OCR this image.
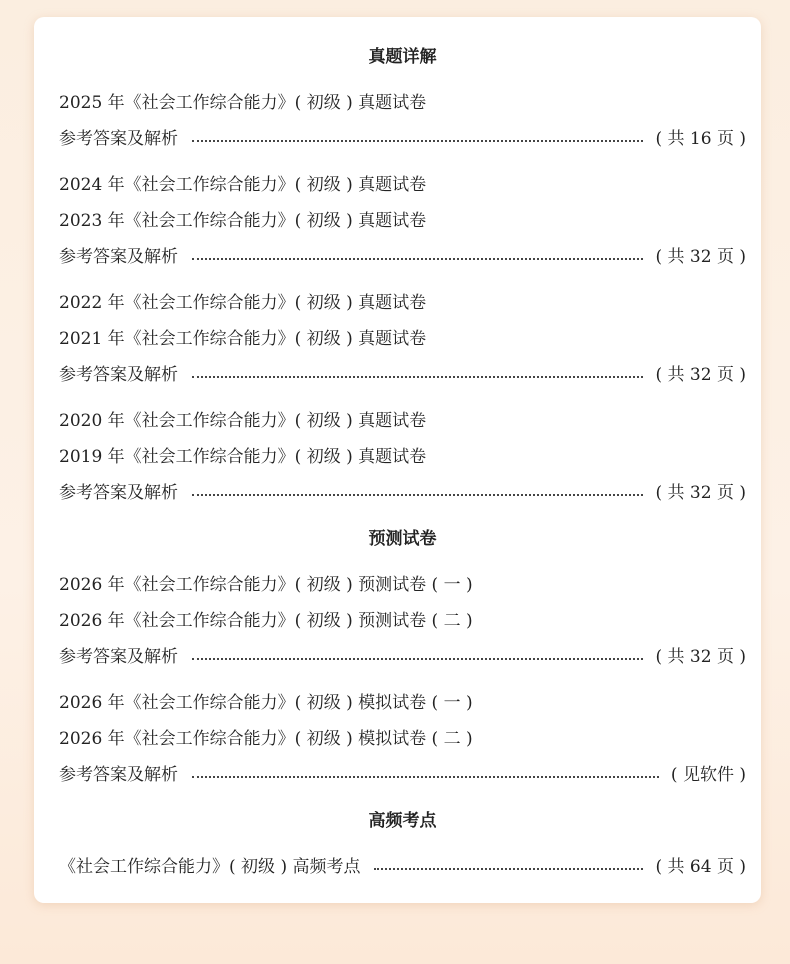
真题详解
2025 年《社会工作综合能力》( 初级 ) 真题试卷
参考答案及解析	( 共 16 页 )
2024 年《社会工作综合能力》( 初级 ) 真题试卷
2023 年《社会工作综合能力》( 初级 ) 真题试卷
参考答案及解析	( 共 32 页 )
2022 年《社会工作综合能力》( 初级 ) 真题试卷
2021 年《社会工作综合能力》( 初级 ) 真题试卷
参考答案及解析	( 共 32 页 )
2020 年《社会工作综合能力》( 初级 ) 真题试卷
2019 年《社会工作综合能力》( 初级 ) 真题试卷
参考答案及解析	( 共 32 页 )
预测试卷
2026 年《社会工作综合能力》( 初级 ) 预测试卷 ( 一 )
2026 年《社会工作综合能力》( 初级 ) 预测试卷 ( 二 )
参考答案及解析	( 共 32 页 )
2026 年《社会工作综合能力》( 初级 ) 模拟试卷 ( 一 )
2026 年《社会工作综合能力》( 初级 ) 模拟试卷 ( 二 )
参考答案及解析	( 见软件 )
高频考点
《社会工作综合能力》( 初级 ) 高频考点	( 共 64 页 )
